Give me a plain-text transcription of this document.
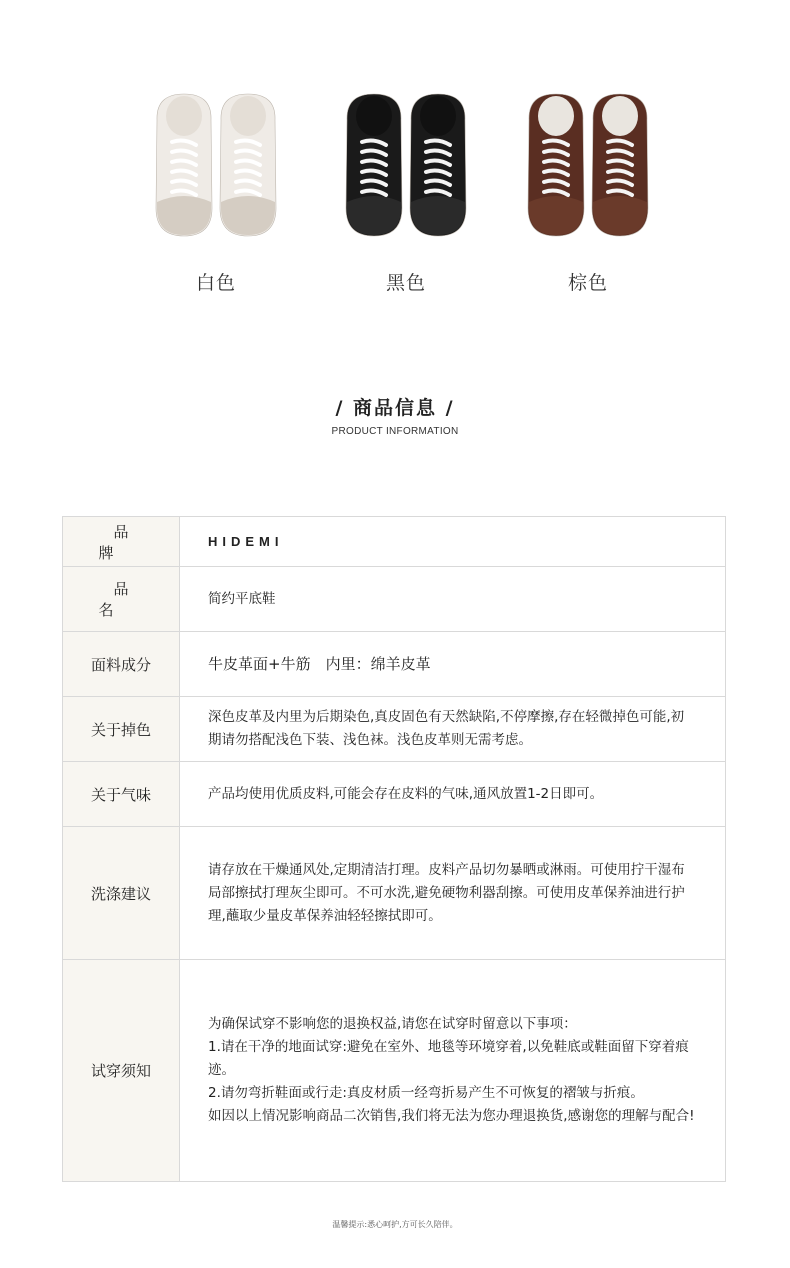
白色	黑色	棕色
/ 商品信息 /
PRODUCT INFORMATION
品 牌	HIDEMI
品 名	简约平底鞋
面料成分	牛皮革面+牛筋　内里：绵羊皮革
关于掉色	深色皮革及内里为后期染色,真皮固色有天然缺陷,不停摩擦,存在轻微掉色可能,初期请勿搭配浅色下装、浅色袜。浅色皮革则无需考虑。
关于气味	产品均使用优质皮料,可能会存在皮料的气味,通风放置1-2日即可。
洗涤建议	请存放在干燥通风处,定期清洁打理。皮料产品切勿暴晒或淋雨。可使用拧干湿布局部擦拭打理灰尘即可。不可水洗,避免硬物利器刮擦。可使用皮革保养油进行护理,蘸取少量皮革保养油轻轻擦拭即可。
试穿须知	为确保试穿不影响您的退换权益,请您在试穿时留意以下事项：

1.请在干净的地面试穿:避免在室外、地毯等环境穿着,以免鞋底或鞋面留下穿着痕迹。

2.请勿弯折鞋面或行走:真皮材质一经弯折易产生不可恢复的褶皱与折痕。

如因以上情况影响商品二次销售,我们将无法为您办理退换货,感谢您的理解与配合!

温馨提示:悉心呵护,方可长久陪伴。
